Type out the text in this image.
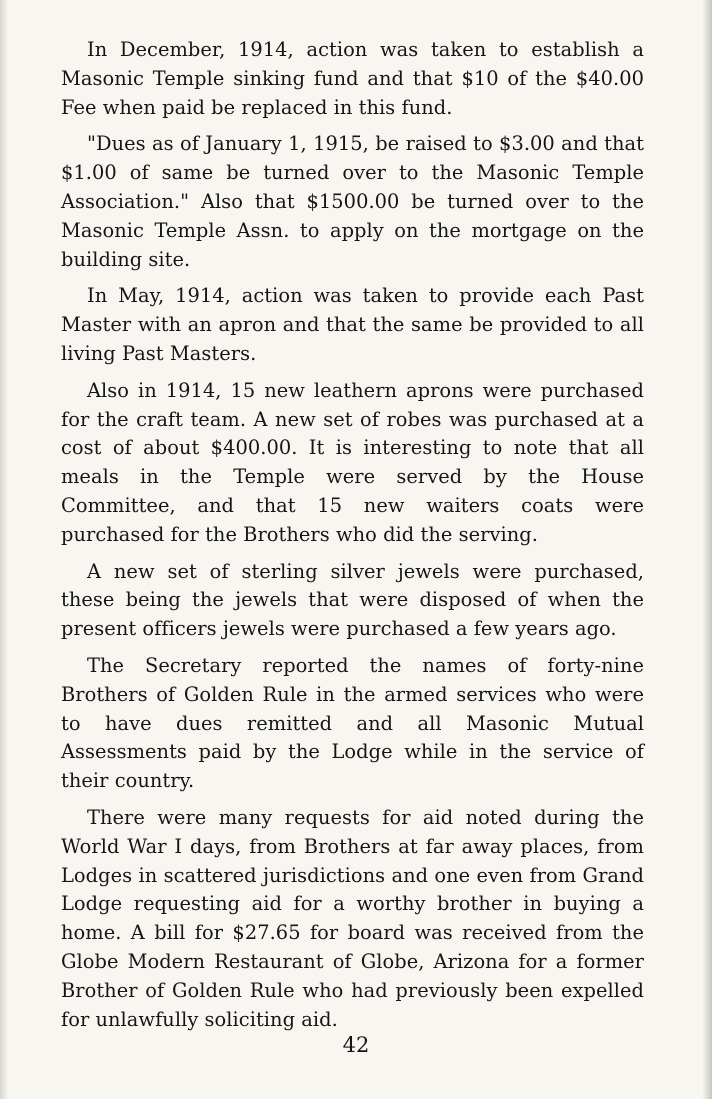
In December, 1914, action was taken to establish a Masonic Temple sinking fund and that $10 of the $40.00 Fee when paid be replaced in this fund.

"Dues as of January 1, 1915, be raised to $3.00 and that $1.00 of same be turned over to the Masonic Temple Association." Also that $1500.00 be turned over to the Masonic Temple Assn. to apply on the mortgage on the building site.

In May, 1914, action was taken to provide each Past Master with an apron and that the same be provided to all living Past Masters.

Also in 1914, 15 new leathern aprons were purchased for the craft team. A new set of robes was purchased at a cost of about $400.00. It is interesting to note that all meals in the Temple were served by the House Committee, and that 15 new waiters coats were purchased for the Brothers who did the serving.

A new set of sterling silver jewels were purchased, these being the jewels that were disposed of when the present officers jewels were purchased a few years ago.

The Secretary reported the names of forty-nine Brothers of Golden Rule in the armed services who were to have dues remitted and all Masonic Mutual Assessments paid by the Lodge while in the service of their country.

There were many requests for aid noted during the World War I days, from Brothers at far away places, from Lodges in scattered jurisdictions and one even from Grand Lodge requesting aid for a worthy brother in buying a home. A bill for $27.65 for board was received from the Globe Modern Restaurant of Globe, Arizona for a former Brother of Golden Rule who had previously been expelled for unlawfully soliciting aid.

42
